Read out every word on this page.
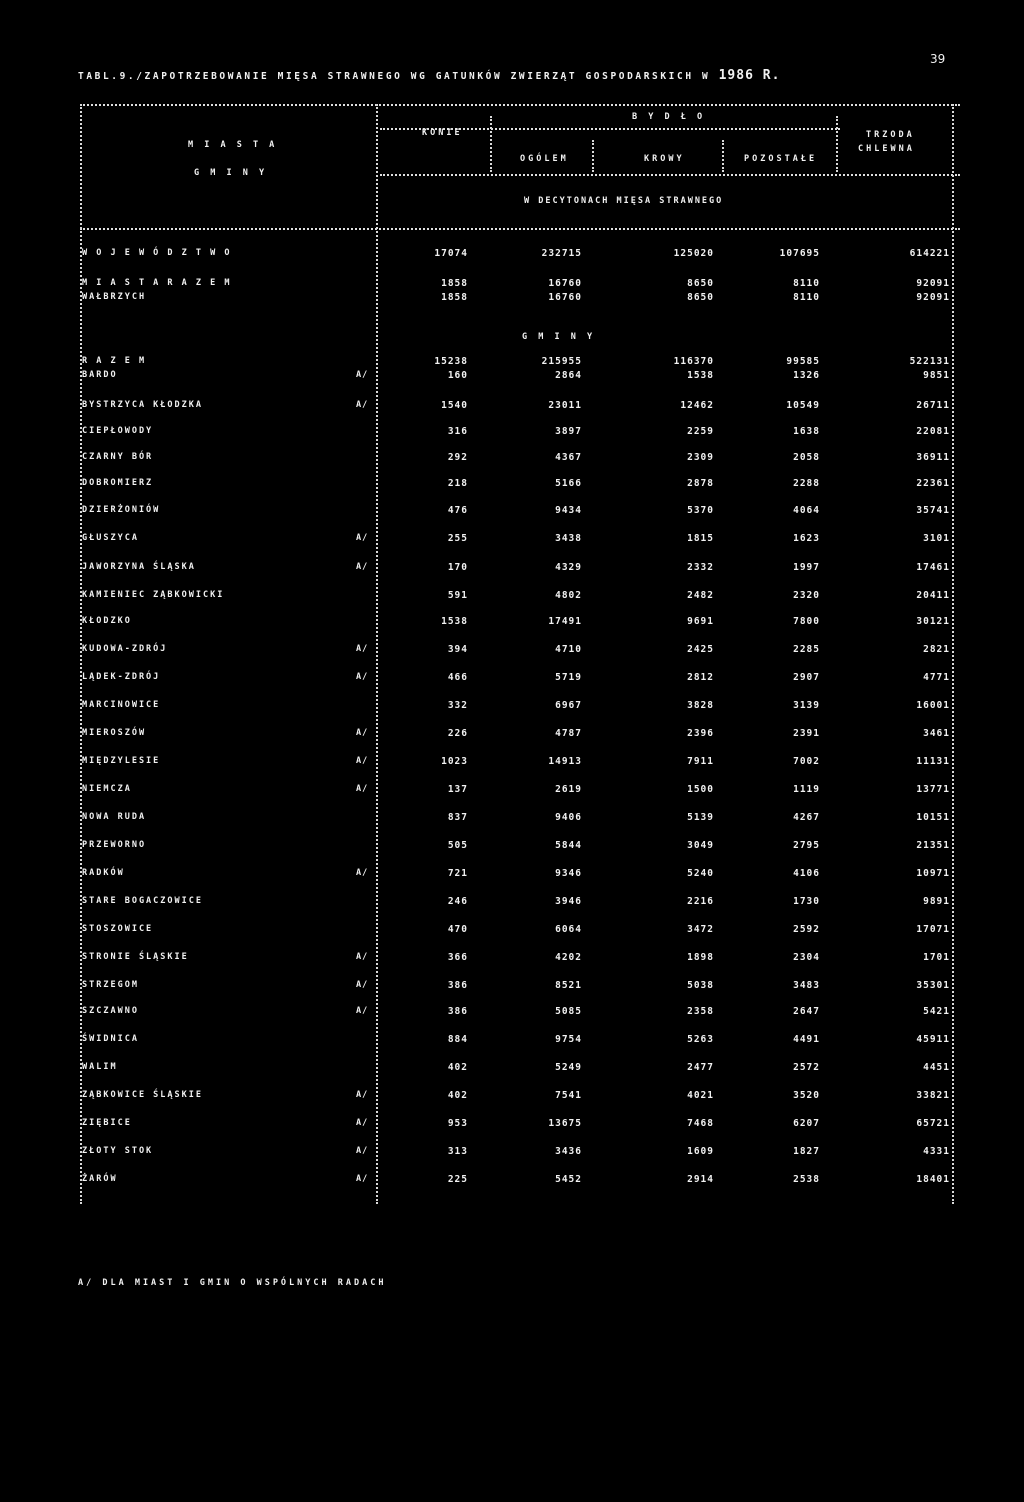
39
TABL.9./ZAPOTRZEBOWANIE MIĘSA STRAWNEGO WG GATUNKÓW ZWIERZĄT GOSPODARSKICH W 1986 R.
M I A S T A
G M I N Y
KONIE
B Y D Ł O
OGÓLEM	KROWY	POZOSTAŁE
TRZODA
CHLEWNA
W DECYTONACH MIĘSA STRAWNEGO
G M I N Y
W O J E W Ó D Z T W O	17074	232715	125020	107695	614221
M I A S T A R A Z E M	1858	16760	8650	8110	92091
WAŁBRZYCH	1858	16760	8650	8110	92091
R A Z E M	15238	215955	116370	99585	522131
BARDO	A/	160	2864	1538	1326	9851
BYSTRZYCA KŁODZKA	A/	1540	23011	12462	10549	26711
CIEPŁOWODY	316	3897	2259	1638	22081
CZARNY BÓR	292	4367	2309	2058	36911
DOBROMIERZ	218	5166	2878	2288	22361
DZIERŻONIÓW	476	9434	5370	4064	35741
GŁUSZYCA	A/	255	3438	1815	1623	3101
JAWORZYNA ŚLĄSKA	A/	170	4329	2332	1997	17461
KAMIENIEC ZĄBKOWICKI	591	4802	2482	2320	20411
KŁODZKO	1538	17491	9691	7800	30121
KUDOWA-ZDRÓJ	A/	394	4710	2425	2285	2821
LĄDEK-ZDRÓJ	A/	466	5719	2812	2907	4771
MARCINOWICE	332	6967	3828	3139	16001
MIEROSZÓW	A/	226	4787	2396	2391	3461
MIĘDZYLESIE	A/	1023	14913	7911	7002	11131
NIEMCZA	A/	137	2619	1500	1119	13771
NOWA RUDA	837	9406	5139	4267	10151
PRZEWORNO	505	5844	3049	2795	21351
RADKÓW	A/	721	9346	5240	4106	10971
STARE BOGACZOWICE	246	3946	2216	1730	9891
STOSZOWICE	470	6064	3472	2592	17071
STRONIE ŚLĄSKIE	A/	366	4202	1898	2304	1701
STRZEGOM	A/	386	8521	5038	3483	35301
SZCZAWNO	A/	386	5085	2358	2647	5421
ŚWIDNICA	884	9754	5263	4491	45911
WALIM	402	5249	2477	2572	4451
ZĄBKOWICE ŚLĄSKIE	A/	402	7541	4021	3520	33821
ZIĘBICE	A/	953	13675	7468	6207	65721
ZŁOTY STOK	A/	313	3436	1609	1827	4331
ŻARÓW	A/	225	5452	2914	2538	18401
A/ DLA MIAST I GMIN O WSPÓLNYCH RADACH
